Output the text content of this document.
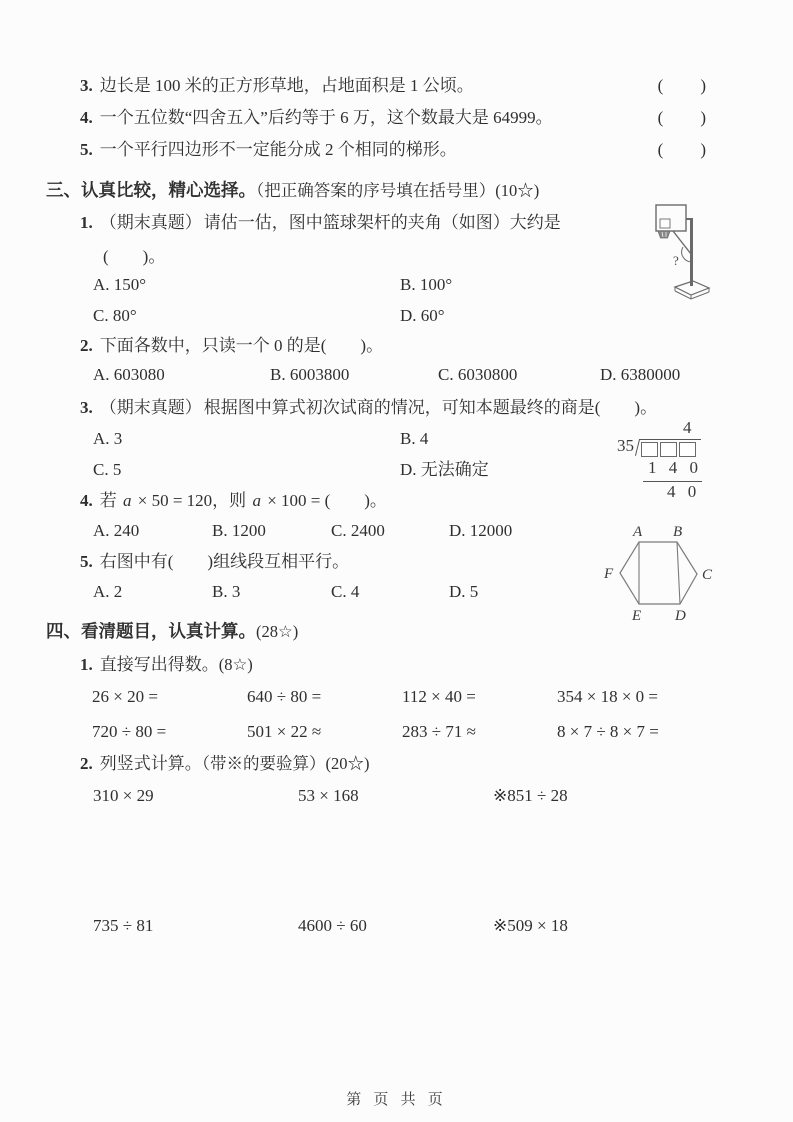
3. 边长是 100 米的正方形草地，占地面积是 1 公顷。	(　　)
4. 一个五位数“四舍五入”后约等于 6 万，这个数最大是 64999。	(　　)
5. 一个平行四边形不一定能分成 2 个相同的梯形。	(　　)
三、认真比较，精心选择。（把正确答案的序号填在括号里）(10☆)
1. （期末真题） 请估一估，图中篮球架杆的夹角（如图）大约是
(　　)。
A. 150°	B. 100°
C. 80°	D. 60°
2. 下面各数中，只读一个 0 的是(　　)。
A. 603080	B. 6003800	C. 6030800	D. 6380000
3. （期末真题） 根据图中算式初次试商的情况，可知本题最终的商是(　　)。
A. 3	B. 4
C. 5	D. 无法确定
4. 若 a × 50 = 120，则 a × 100 = (　　)。
A. 240	B. 1200	C. 2400	D. 12000
5. 右图中有(　　)组线段互相平行。
A. 2	B. 3	C. 4	D. 5
四、看清题目，认真计算。(28☆)
1. 直接写出得数。(8☆)
26 × 20 =	640 ÷ 80 =	112 × 40 =	354 × 18 × 0 =
720 ÷ 80 =	501 × 22 ≈	283 ÷ 71 ≈	8 × 7 ÷ 8 × 7 =
2. 列竖式计算。（带※的要验算）(20☆)
310 × 29	53 × 168	※851 ÷ 28
735 ÷ 81	4600 ÷ 60	※509 × 18
?
4
35
1 4 0
4 0
A B
C
D
E
F
第 页 共 页
